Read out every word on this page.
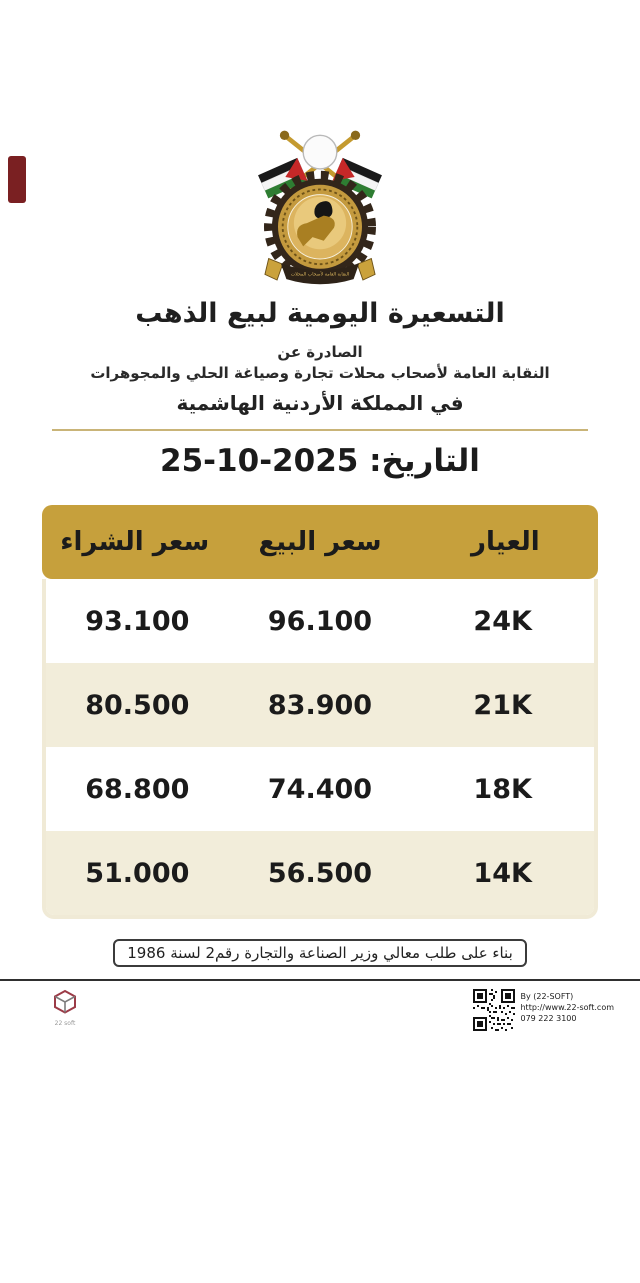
النقابة العامة لأصحاب المحلات
التسعيرة اليومية لبيع الذهب
الصادرة عن
النقابة العامة لأصحاب محلات تجارة وصياغة الحلي والمجوهرات
في المملكة الأردنية الهاشمية
التاريخ: 25-10-2025
العيار
سعر البيع
سعر الشراء
24K
96.100
93.100
21K
83.900
80.500
18K
74.400
68.800
14K
56.500
51.000
بناء على طلب معالي وزير الصناعة والتجارة رقم2 لسنة 1986
22 soft
By (22-SOFT)
http://www.22-soft.com
079 222 3100
